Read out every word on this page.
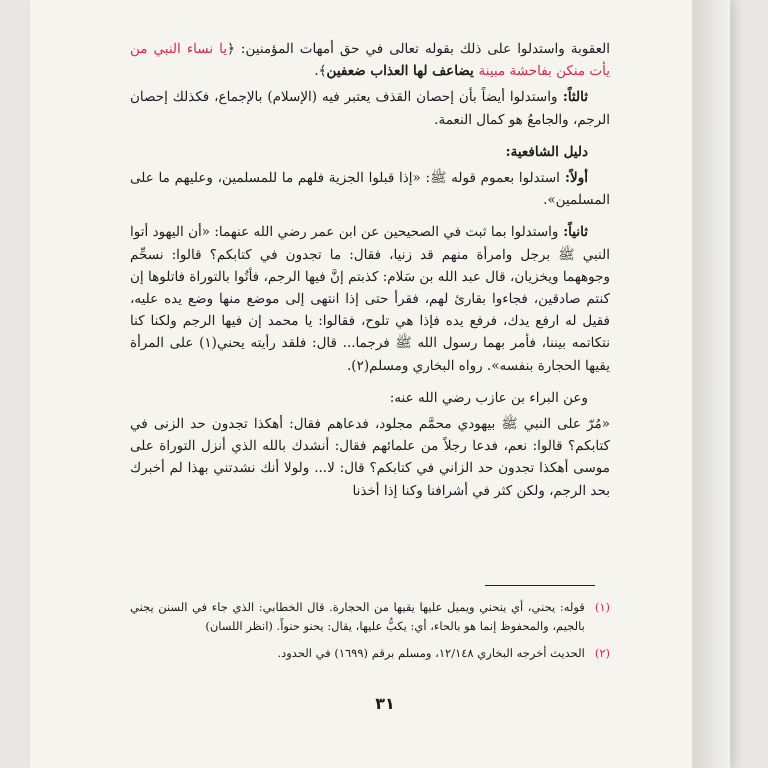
العقوبة واستدلوا على ذلك بقوله تعالى في حق أمهات المؤمنين: ﴿يا نساء النبي من يأت منكن بفاحشة مبينة يضاعف لها العذاب ضعفين﴾.

ثالثاً: واستدلوا أيضاً بأن إحصان القذف يعتبر فيه (الإسلام) بالإجماع، فكذلك إحصان الرجم، والجامعُ هو كمال النعمة.

دليل الشافعية:

أولاً: استدلوا بعموم قوله ﷺ: «إذا قبلوا الجزية فلهم ما للمسلمين، وعليهم ما على المسلمين».

ثانياً: واستدلوا بما ثبت في الصحيحين عن ابن عمر رضي الله عنهما: «أن اليهود أتوا النبي ﷺ برجل وامرأة منهم قد زنيا، فقال: ما تجدون في كتابكم؟ قالوا: نسحِّم وجوههما ويخزيان، قال عبد الله بن سَلام: كذبتم إنَّ فيها الرجم، فأتُوا بالتوراة فاتلوها إن كنتم صادقين، فجاءوا بقارئ لهم، فقرأ حتى إذا انتهى إلى موضع منها وضع يده عليه، فقيل له ارفع يدك، فرفع يده فإذا هي تلوح، فقالوا: يا محمد إن فيها الرجم ولكنا كنا نتكاتمه بيننا، فأمر بهما رسول الله ﷺ فرجما... قال: فلقد رأيته يحني(١) على المرأة يقيها الحجارة بنفسه». رواه البخاري ومسلم(٢).

وعن البراء بن عازب رضي الله عنه:

«مُرّ على النبي ﷺ بيهودي محمَّم مجلود، فدعاهم فقال: أهكذا تجدون حد الزنى في كتابكم؟ قالوا: نعم، فدعا رجلاً من علمائهم فقال: أنشدك بالله الذي أنزل التوراة على موسى أهكذا تجدون حد الزاني في كتابكم؟ قال: لا... ولولا أنك نشدتني بهذا لم أخبرك بحد الرجم، ولكن كثر في أشرافنا وكنا إذا أخذنا

(١)
قوله: يحني، أي ينحني ويميل عليها يقيها من الحجارة. قال الخطابي: الذي جاء في السنن يجني بالجيم، والمحفوظ إنما هو بالحاء، أي: يكبُّ عليها، يقال: يحنو حنواً. (انظر اللسان)
(٢)
الحديث أخرجه البخاري ١٢/١٤٨، ومسلم برقم (١٦٩٩) في الحدود.
٣١
